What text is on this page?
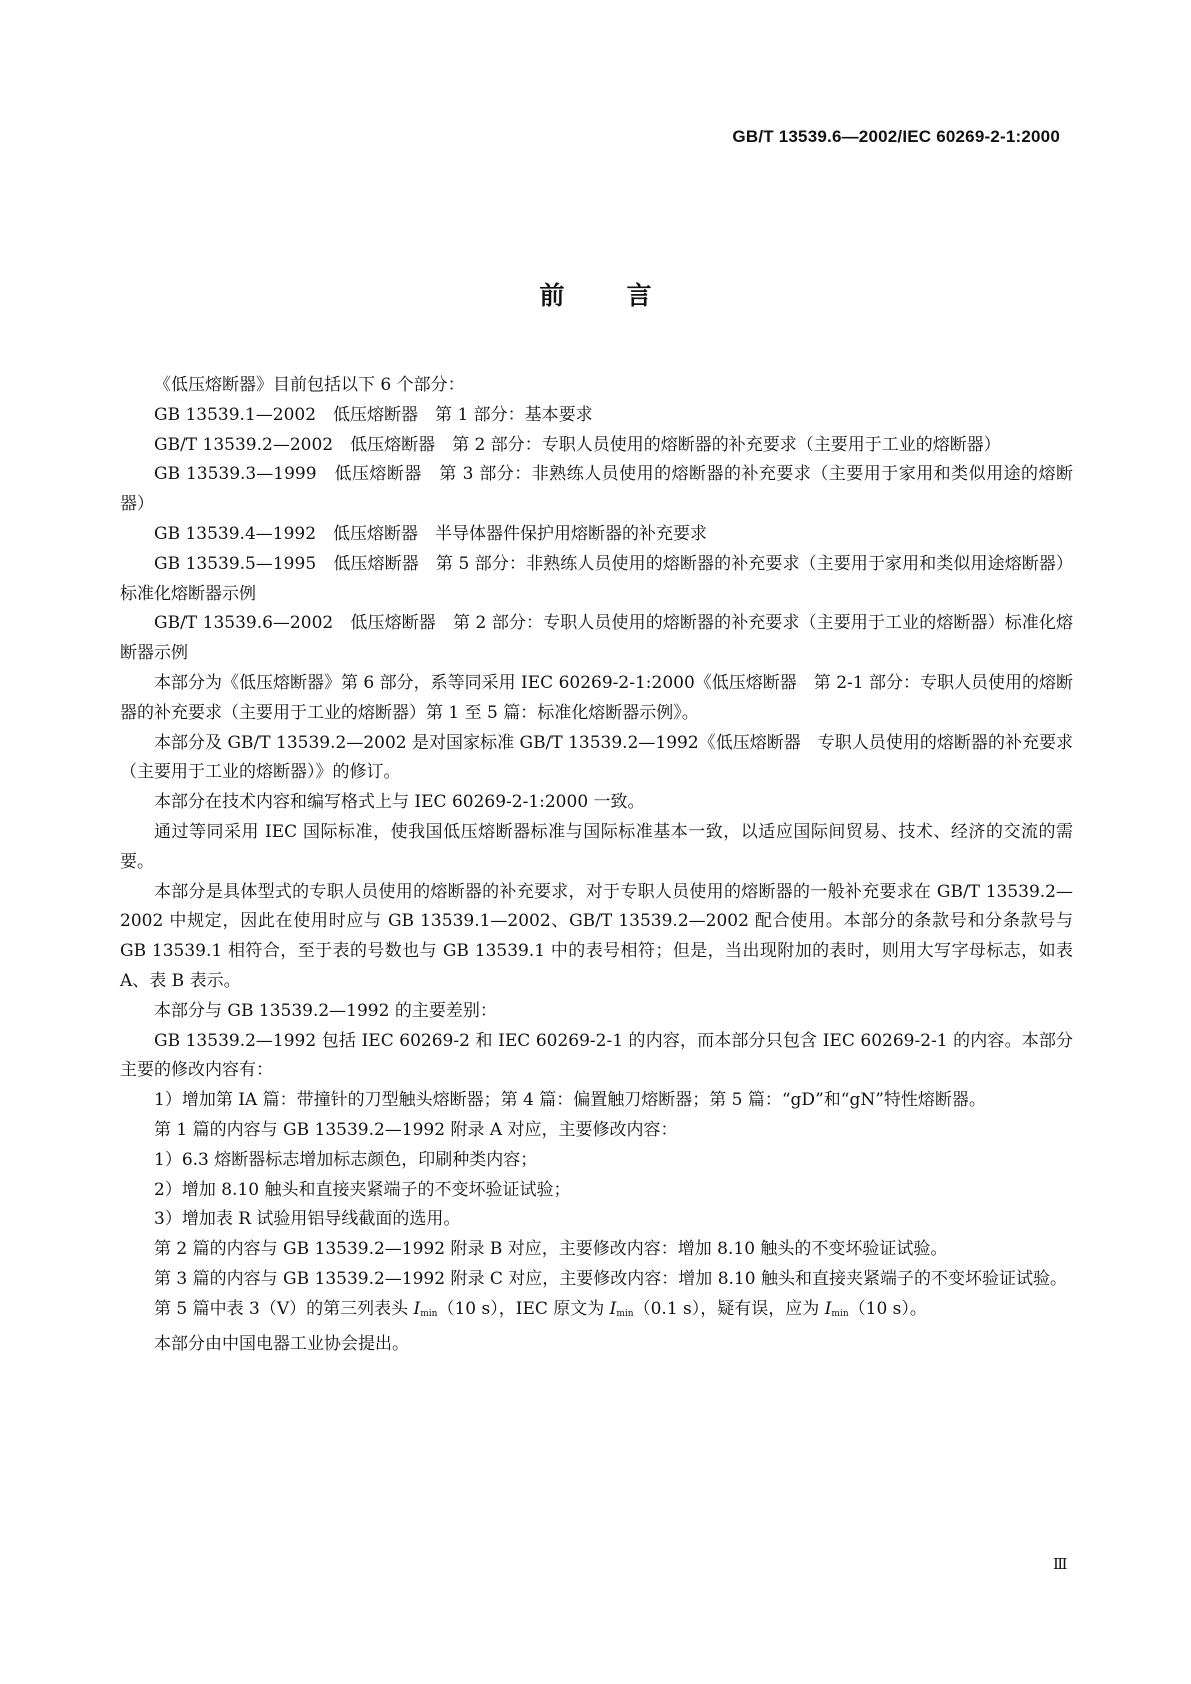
GB/T 13539.6—2002/IEC 60269-2-1:2000
前言

《低压熔断器》目前包括以下 6 个部分：

GB 13539.1—2002　低压熔断器　第 1 部分：基本要求

GB/T 13539.2—2002　低压熔断器　第 2 部分：专职人员使用的熔断器的补充要求（主要用于工业的熔断器）

GB 13539.3—1999　低压熔断器　第 3 部分：非熟练人员使用的熔断器的补充要求（主要用于家用和类似用途的熔断器）

GB 13539.4—1992　低压熔断器　半导体器件保护用熔断器的补充要求

GB 13539.5—1995　低压熔断器　第 5 部分：非熟练人员使用的熔断器的补充要求（主要用于家用和类似用途熔断器）标准化熔断器示例

GB/T 13539.6—2002　低压熔断器　第 2 部分：专职人员使用的熔断器的补充要求（主要用于工业的熔断器）标准化熔断器示例

本部分为《低压熔断器》第 6 部分，系等同采用 IEC 60269-2-1:2000《低压熔断器　第 2-1 部分：专职人员使用的熔断器的补充要求（主要用于工业的熔断器）第 1 至 5 篇：标准化熔断器示例》。

本部分及 GB/T 13539.2—2002 是对国家标准 GB/T 13539.2—1992《低压熔断器　专职人员使用的熔断器的补充要求（主要用于工业的熔断器）》的修订。

本部分在技术内容和编写格式上与 IEC 60269-2-1:2000 一致。

通过等同采用 IEC 国际标准，使我国低压熔断器标准与国际标准基本一致，以适应国际间贸易、技术、经济的交流的需要。

本部分是具体型式的专职人员使用的熔断器的补充要求，对于专职人员使用的熔断器的一般补充要求在 GB/T 13539.2—2002 中规定，因此在使用时应与 GB 13539.1—2002、GB/T 13539.2—2002 配合使用。本部分的条款号和分条款号与 GB 13539.1 相符合，至于表的号数也与 GB 13539.1 中的表号相符；但是，当出现附加的表时，则用大写字母标志，如表 A、表 B 表示。

本部分与 GB 13539.2—1992 的主要差别：

GB 13539.2—1992 包括 IEC 60269-2 和 IEC 60269-2-1 的内容，而本部分只包含 IEC 60269-2-1 的内容。本部分主要的修改内容有：

1）增加第 IA 篇：带撞针的刀型触头熔断器；第 4 篇：偏置触刀熔断器；第 5 篇：“gD”和“gN”特性熔断器。

第 1 篇的内容与 GB 13539.2—1992 附录 A 对应，主要修改内容：

1）6.3 熔断器标志增加标志颜色，印刷种类内容；

2）增加 8.10 触头和直接夹紧端子的不变坏验证试验；

3）增加表 R 试验用铝导线截面的选用。

第 2 篇的内容与 GB 13539.2—1992 附录 B 对应，主要修改内容：增加 8.10 触头的不变坏验证试验。

第 3 篇的内容与 GB 13539.2—1992 附录 C 对应，主要修改内容：增加 8.10 触头和直接夹紧端子的不变坏验证试验。

第 5 篇中表 3（Ⅴ）的第三列表头 $I_{min}(10$ s），IEC 原文为 $I_{min}(0.1$ s），疑有误，应为 $I_{min}(10$ s）。

本部分由中国电器工业协会提出。

Ⅲ
